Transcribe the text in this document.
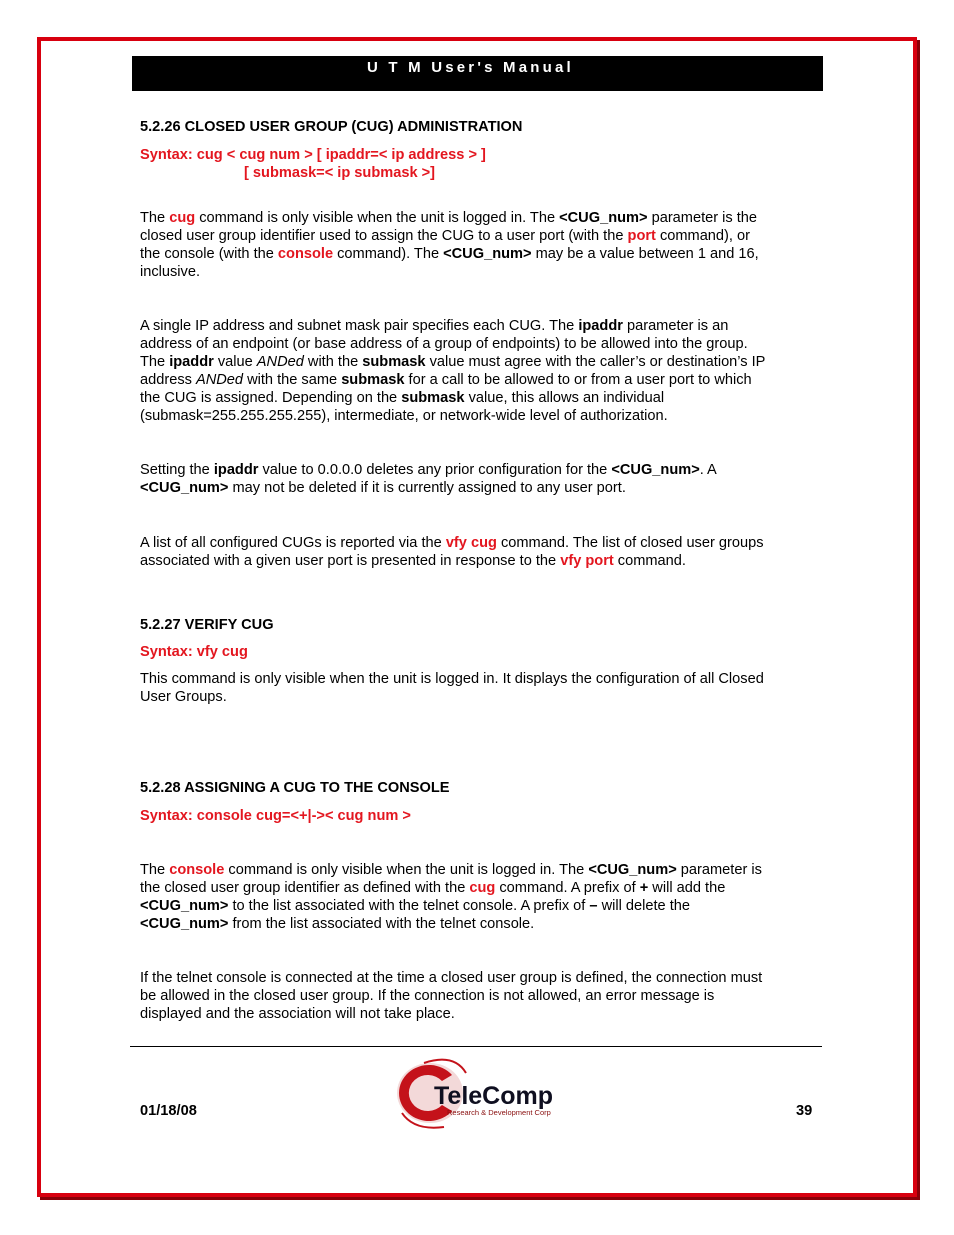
U T M User's Manual
5.2.26 CLOSED USER GROUP (CUG) ADMINISTRATION
Syntax: cug < cug num > [ ipaddr=< ip address > ]
[ submask=< ip submask >]
The cug command is only visible when the unit is logged in. The <CUG_num> parameter is the
closed user group identifier used to assign the CUG to a user port (with the port command), or
the console (with the console command). The <CUG_num> may be a value between 1 and 16,
inclusive.
A single IP address and subnet mask pair specifies each CUG. The ipaddr parameter is an
address of an endpoint (or base address of a group of endpoints) to be allowed into the group.
The ipaddr value ANDed with the submask value must agree with the caller’s or destination’s IP
address ANDed with the same submask for a call to be allowed to or from a user port to which
the CUG is assigned. Depending on the submask value, this allows an individual
(submask=255.255.255.255), intermediate, or network-wide level of authorization.
Setting the ipaddr value to 0.0.0.0 deletes any prior configuration for the <CUG_num>. A
<CUG_num> may not be deleted if it is currently assigned to any user port.
A list of all configured CUGs is reported via the vfy cug command. The list of closed user groups
associated with a given user port is presented in response to the vfy port command.
5.2.27 VERIFY CUG
Syntax: vfy cug
This command is only visible when the unit is logged in. It displays the configuration of all Closed
User Groups.
5.2.28 ASSIGNING A CUG TO THE CONSOLE
Syntax: console cug=<+|->< cug num >
The console command is only visible when the unit is logged in. The <CUG_num> parameter is
the closed user group identifier as defined with the cug command. A prefix of + will add the
<CUG_num> to the list associated with the telnet console. A prefix of – will delete the
<CUG_num> from the list associated with the telnet console.
If the telnet console is connected at the time a closed user group is defined, the connection must
be allowed in the closed user group. If the connection is not allowed, an error message is
displayed and the association will not take place.
01/18/08	39
TeleComp
Research & Development Corp
